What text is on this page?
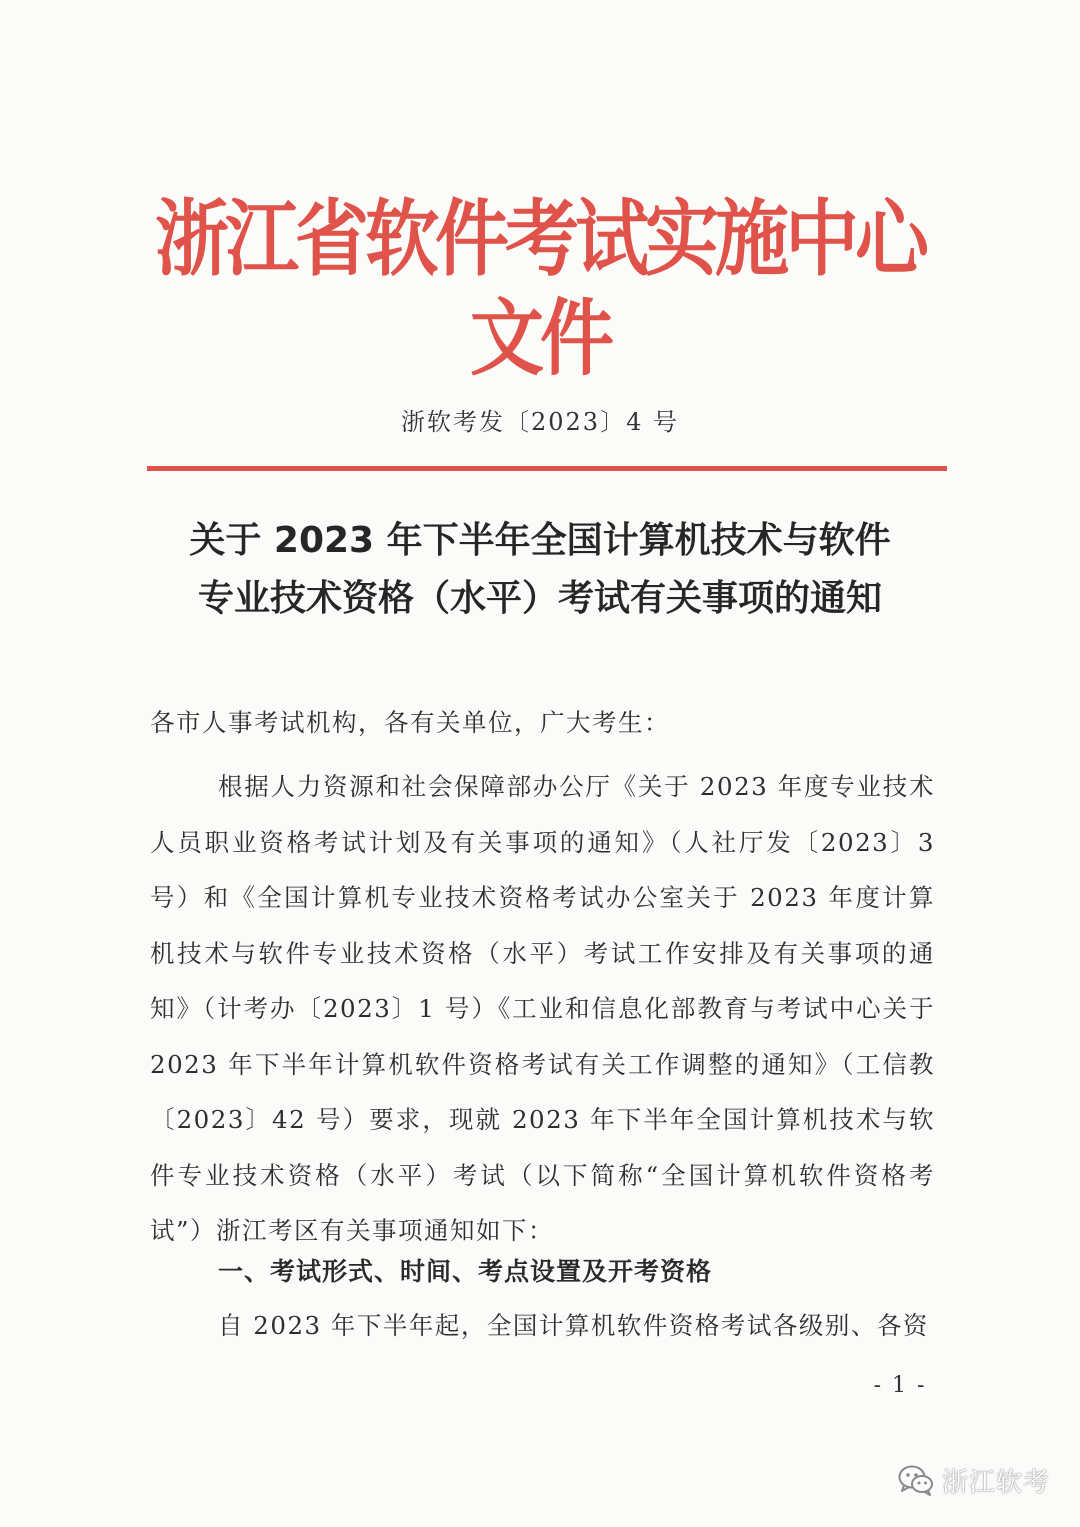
浙江省软件考试实施中心文件
浙软考发〔2023〕4 号
关于 2023 年下半年全国计算机技术与软件
专业技术资格（水平）考试有关事项的通知
各市人事考试机构，各有关单位，广大考生：
根据人力资源和社会保障部办公厅《关于 2023 年度专业技术人员职业资格考试计划及有关事项的通知》（人社厅发〔2023〕3 号）和《全国计算机专业技术资格考试办公室关于 2023 年度计算机技术与软件专业技术资格（水平）考试工作安排及有关事项的通知》（计考办〔2023〕1 号）《工业和信息化部教育与考试中心关于 2023 年下半年计算机软件资格考试有关工作调整的通知》（工信教〔2023〕42 号）要求，现就 2023 年下半年全国计算机技术与软件专业技术资格（水平）考试（以下简称“全国计算机软件资格考试”）浙江考区有关事项通知如下：
一、考试形式、时间、考点设置及开考资格
自 2023 年下半年起，全国计算机软件资格考试各级别、各资
- 1 -
浙江软考
